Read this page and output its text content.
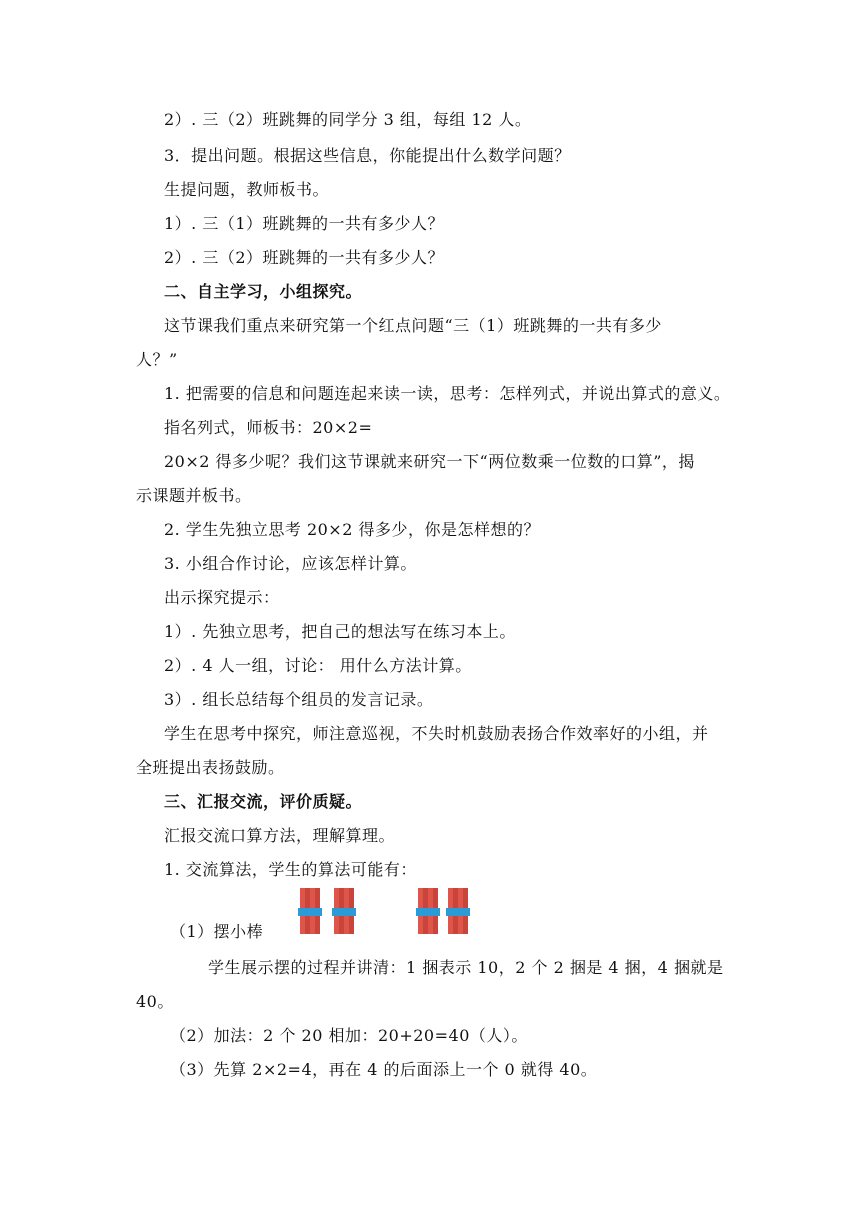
2）. 三（2）班跳舞的同学分 3 组，每组 12 人。
3．提出问题。根据这些信息，你能提出什么数学问题？
生提问题，教师板书。
1）. 三（1）班跳舞的一共有多少人？
2）. 三（2）班跳舞的一共有多少人？
二、自主学习，小组探究。
这节课我们重点来研究第一个红点问题“三（1）班跳舞的一共有多少
人？”
1. 把需要的信息和问题连起来读一读，思考：怎样列式，并说出算式的意义。
指名列式，师板书：20×2=
20×2 得多少呢？我们这节课就来研究一下“两位数乘一位数的口算”，揭
示课题并板书。
2. 学生先独立思考 20×2 得多少，你是怎样想的？
3. 小组合作讨论，应该怎样计算。
出示探究提示：
1）. 先独立思考，把自己的想法写在练习本上。
2）. 4 人一组，讨论： 用什么方法计算。
3）. 组长总结每个组员的发言记录。
学生在思考中探究，师注意巡视，不失时机鼓励表扬合作效率好的小组，并
全班提出表扬鼓励。
三、汇报交流，评价质疑。
汇报交流口算方法，理解算理。
1. 交流算法，学生的算法可能有：
（1）摆小棒
学生展示摆的过程并讲清：1 捆表示 10，2 个 2 捆是 4 捆，4 捆就是
40。
（2）加法：2 个 20 相加：20+20=40（人）。
（3）先算 2×2=4，再在 4 的后面添上一个 0 就得 40。
